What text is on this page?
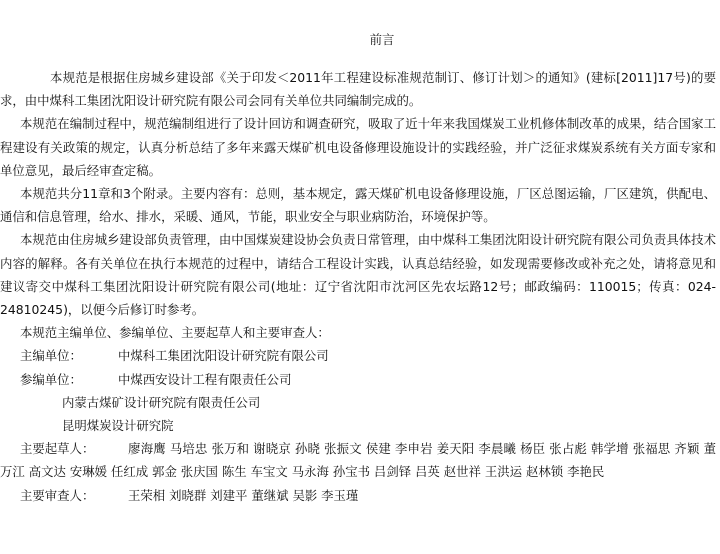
前言

本规范是根据住房城乡建设部《关于印发＜2011年工程建设标准规范制订、修订计划＞的通知》(建标[2011]17号)的要求，由中煤科工集团沈阳设计研究院有限公司会同有关单位共同编制完成的。

本规范在编制过程中，规范编制组进行了设计回访和调查研究，吸取了近十年来我国煤炭工业机修体制改革的成果，结合国家工程建设有关政策的规定，认真分析总结了多年来露天煤矿机电设备修理设施设计的实践经验，并广泛征求煤炭系统有关方面专家和单位意见，最后经审查定稿。

本规范共分11章和3个附录。主要内容有：总则，基本规定，露天煤矿机电设备修理设施，厂区总图运输，厂区建筑，供配电、通信和信息管理，给水、排水，采暖、通风，节能，职业安全与职业病防治，环境保护等。

本规范由住房城乡建设部负责管理，由中国煤炭建设协会负责日常管理，由中煤科工集团沈阳设计研究院有限公司负责具体技术内容的解释。各有关单位在执行本规范的过程中，请结合工程设计实践，认真总结经验，如发现需要修改或补充之处，请将意见和建议寄交中煤科工集团沈阳设计研究院有限公司(地址：辽宁省沈阳市沈河区先农坛路12号；邮政编码：110015；传真：024-24810245)，以便今后修订时参考。

本规范主编单位、参编单位、主要起草人和主要审查人：

主编单位：	中煤科工集团沈阳设计研究院有限公司
参编单位：	中煤西安设计工程有限责任公司
内蒙古煤矿设计研究院有限责任公司
昆明煤炭设计研究院

主要起草人：	廖海鹰 马培忠 张万和 谢晓京 孙晓 张振文 侯建 李申岩 姜天阳 李晨曦 杨臣 张占彪 韩学增 张福思 齐颖 董万江 高文达 安琳媛 任红成 郭金 张庆国 陈生 车宝文 马永海 孙宝书 吕剑铎 吕英 赵世祥 王洪运 赵林锁 李艳民

主要审查人：	王荣相 刘晓群 刘建平 董继斌 吴影 李玉瑾
